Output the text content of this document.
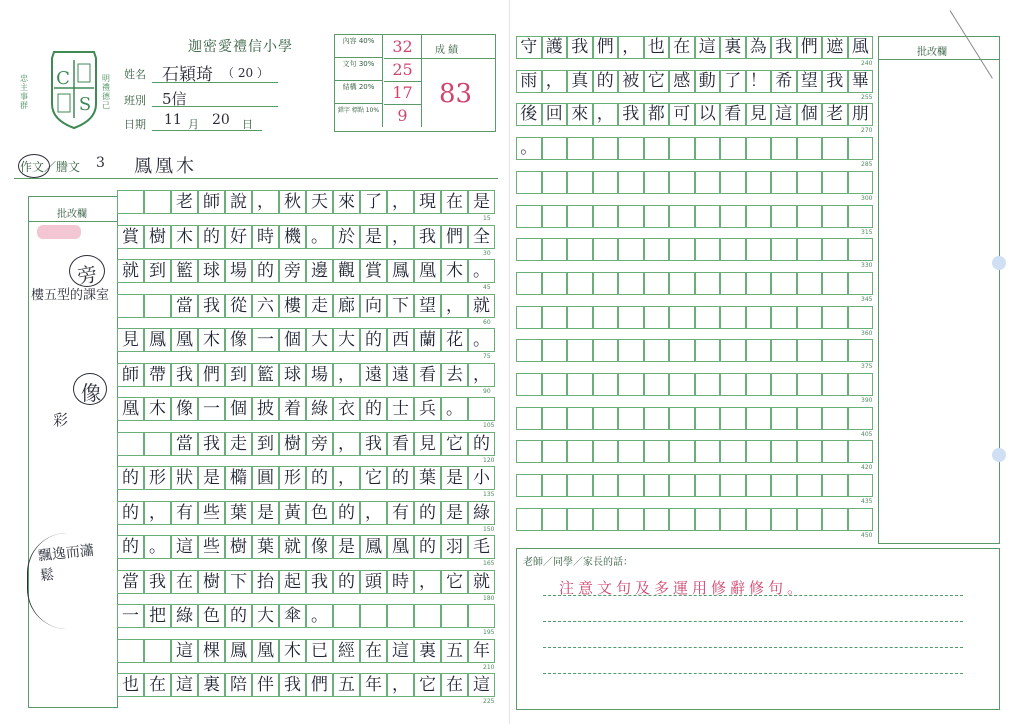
C
S
忠主
事群
明禮
德己
迦密愛禮信小學
姓名 石穎琦 （ 20 ）
班別 5信
日期 11 月 20 日
內容 40%	32
文句 30%	25
結構 20%	17
錯字 標點 10%	9
成 績
83
作文／謄文 3 鳳凰木
批改欄
旁
樓五型的課室
像
彩
飄逸而瀟鬆
老 師 說 ， 秋 天 來 了 ， 現 在 是
15
賞 樹 木 的 好 時 機 。 於 是 ， 我 們 全
30
就 到 籃 球 場 的 旁 邊 觀 賞 鳳 凰 木 。
45
當 我 從 六 樓 走 廊 向 下 望 ， 就
60
見 鳳 凰 木 像 一 個 大 大 的 西 蘭 花 。
75
師 帶 我 們 到 籃 球 場 ， 遠 遠 看 去 ，
90
凰 木 像 一 個 披 着 綠 衣 的 士 兵 。
105
當 我 走 到 樹 旁 ， 我 看 見 它 的
120
的 形 狀 是 橢 圓 形 的 ， 它 的 葉 是 小
135
的 ， 有 些 葉 是 黃 色 的 ， 有 的 是 綠
150
的 。 這 些 樹 葉 就 像 是 鳳 凰 的 羽 毛
165
當 我 在 樹 下 抬 起 我 的 頭 時 ， 它 就
180
一 把 綠 色 的 大 傘 。
195
這 棵 鳳 凰 木 已 經 在 這 裏 五 年
210
也 在 這 裏 陪 伴 我 們 五 年 ， 它 在 這
225
守 護 我 們 ， 也 在 這 裏 為 我 們 遮 風
240
雨 ， 真 的 被 它 感 動 了 ！ 希 望 我 畢
255
後 回 來 ， 我 都 可 以 看 見 這 個 老 朋
270
。
285
300
315
330
345
360
375
390
405
420
435
450
批改欄
老師／同學／家長的話：
注意文句及多運用修辭修句。
